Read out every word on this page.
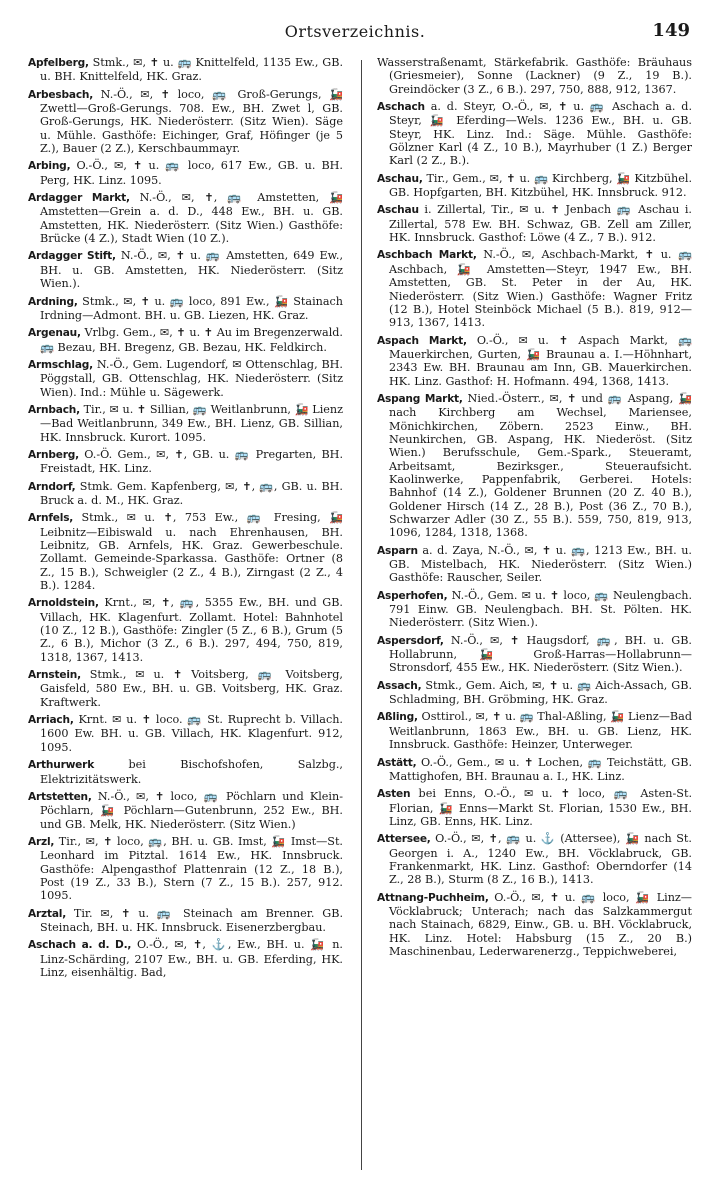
Ortsverzeichnis.	149

Apfelberg, Stmk., ✉, ✝ u. 🚌 Knittelfeld, 1135 Ew., GB. u. BH. Knittelfeld, HK. Graz.

Arbesbach, N.-Ö., ✉, ✝ loco, 🚌 Groß-Gerungs, 🚂 Zwettl—Groß-Gerungs. 708. Ew., BH. Zwet l, GB. Groß-Gerungs, HK. Niederösterr. (Sitz Wien). Säge u. Mühle. Gasthöfe: Eichinger, Graf, Höfinger (je 5 Z.), Bauer (2 Z.), Kerschbaummayr.

Arbing, O.-Ö., ✉, ✝ u. 🚌 loco, 617 Ew., GB. u. BH. Perg, HK. Linz. 1095.

Ardagger Markt, N.-Ö., ✉, ✝, 🚌 Amstetten, 🚂 Amstetten—Grein a. d. D., 448 Ew., BH. u. GB. Amstetten, HK. Niederösterr. (Sitz Wien.) Gasthöfe: Brücke (4 Z.), Stadt Wien (10 Z.).

Ardagger Stift, N.-Ö., ✉, ✝ u. 🚌 Amstetten, 649 Ew., BH. u. GB. Amstetten, HK. Niederösterr. (Sitz Wien.).

Ardning, Stmk., ✉, ✝ u. 🚌 loco, 891 Ew., 🚂 Stainach Irdning—Admont. BH. u. GB. Liezen, HK. Graz.

Argenau, Vrlbg. Gem., ✉, ✝ u. ✝ Au im Bregenzerwald. 🚌 Bezau, BH. Bregenz, GB. Bezau, HK. Feldkirch.

Armschlag, N.-Ö., Gem. Lugendorf, ✉ Ottenschlag, BH. Pöggstall, GB. Ottenschlag, HK. Niederösterr. (Sitz Wien). Ind.: Mühle u. Sägewerk.

Arnbach, Tir., ✉ u. ✝ Sillian, 🚌 Weitlanbrunn, 🚂 Lienz—Bad Weitlanbrunn, 349 Ew., BH. Lienz, GB. Sillian, HK. Innsbruck. Kurort. 1095.

Arnberg, O.-Ö. Gem., ✉, ✝, GB. u. 🚌 Pregarten, BH. Freistadt, HK. Linz.

Arndorf, Stmk. Gem. Kapfenberg, ✉, ✝, 🚌, GB. u. BH. Bruck a. d. M., HK. Graz.

Arnfels, Stmk., ✉ u. ✝, 753 Ew., 🚌 Fresing, 🚂 Leibnitz—Eibiswald u. nach Ehrenhausen, BH. Leibnitz, GB. Arnfels, HK. Graz. Gewerbeschule. Zollamt. Gemeinde-Sparkassa. Gasthöfe: Ortner (8 Z., 15 B.), Schweigler (2 Z., 4 B.), Zirngast (2 Z., 4 B.). 1284.

Arnoldstein, Krnt., ✉, ✝, 🚌, 5355 Ew., BH. und GB. Villach, HK. Klagenfurt. Zollamt. Hotel: Bahnhotel (10 Z., 12 B.), Gasthöfe: Zingler (5 Z., 6 B.), Grum (5 Z., 6 B.), Michor (3 Z., 6 B.). 297, 494, 750, 819, 1318, 1367, 1413.

Arnstein, Stmk., ✉ u. ✝ Voitsberg, 🚌 Voitsberg, Gaisfeld, 580 Ew., BH. u. GB. Voitsberg, HK. Graz. Kraftwerk.

Arriach, Krnt. ✉ u. ✝ loco. 🚌 St. Ruprecht b. Villach. 1600 Ew. BH. u. GB. Villach, HK. Klagenfurt. 912, 1095.

Arthurwerk bei Bischofshofen, Salzbg., Elektrizitätswerk.

Artstetten, N.-Ö., ✉, ✝ loco, 🚌 Pöchlarn und Klein-Pöchlarn, 🚂 Pöchlarn—Gutenbrunn, 252 Ew., BH. und GB. Melk, HK. Niederösterr. (Sitz Wien.)

Arzl, Tir., ✉, ✝ loco, 🚌, BH. u. GB. Imst, 🚂 Imst—St. Leonhard im Pitztal. 1614 Ew., HK. Innsbruck. Gasthöfe: Alpengasthof Plattenrain (12 Z., 18 B.), Post (19 Z., 33 B.), Stern (7 Z., 15 B.). 257, 912. 1095.

Arztal, Tir. ✉, ✝ u. 🚌 Steinach am Brenner. GB. Steinach, BH. u. HK. Innsbruck. Eisenerzbergbau.

Aschach a. d. D., O.-Ö., ✉, ✝, ⚓, Ew., BH. u. 🚂 n. Linz-Schärding, 2107 Ew., BH. u. GB. Eferding, HK. Linz, eisenhältig. Bad,

Wasserstraßenamt, Stärkefabrik. Gasthöfe: Bräuhaus (Griesmeier), Sonne (Lackner) (9 Z., 19 B.). Greindöcker (3 Z., 6 B.). 297, 750, 888, 912, 1367.

Aschach a. d. Steyr, O.-Ö., ✉, ✝ u. 🚌 Aschach a. d. Steyr, 🚂 Eferding—Wels. 1236 Ew., BH. u. GB. Steyr, HK. Linz. Ind.: Säge. Mühle. Gasthöfe: Gölzner Karl (4 Z., 10 B.), Mayrhuber (1 Z.) Berger Karl (2 Z., B.).

Aschau, Tir., Gem., ✉, ✝ u. 🚌 Kirchberg, 🚂 Kitzbühel. GB. Hopfgarten, BH. Kitzbühel, HK. Innsbruck. 912.

Aschau i. Zillertal, Tir., ✉ u. ✝ Jenbach 🚌 Aschau i. Zillertal, 578 Ew. BH. Schwaz, GB. Zell am Ziller, HK. Innsbruck. Gasthof: Löwe (4 Z., 7 B.). 912.

Aschbach Markt, N.-Ö., ✉, Aschbach-Markt, ✝ u. 🚌 Aschbach, 🚂 Amstetten—Steyr, 1947 Ew., BH. Amstetten, GB. St. Peter in der Au, HK. Niederösterr. (Sitz Wien.) Gasthöfe: Wagner Fritz (12 B.), Hotel Steinböck Michael (5 B.). 819, 912—913, 1367, 1413.

Aspach Markt, O.-Ö., ✉ u. ✝ Aspach Markt, 🚌 Mauerkirchen, Gurten, 🚂 Braunau a. I.—Höhnhart, 2343 Ew. BH. Braunau am Inn, GB. Mauerkirchen. HK. Linz. Gasthof: H. Hofmann. 494, 1368, 1413.

Aspang Markt, Nied.-Österr., ✉, ✝ und 🚌 Aspang, 🚂 nach Kirchberg am Wechsel, Mariensee, Mönichkirchen, Zöbern. 2523 Einw., BH. Neunkirchen, GB. Aspang, HK. Niederöst. (Sitz Wien.) Berufsschule, Gem.-Spark., Steueramt, Arbeitsamt, Bezirksger., Steueraufsicht. Kaolinwerke, Pappenfabrik, Gerberei. Hotels: Bahnhof (14 Z.), Goldener Brunnen (20 Z. 40 B.), Goldener Hirsch (14 Z., 28 B.), Post (36 Z., 70 B.), Schwarzer Adler (30 Z., 55 B.). 559, 750, 819, 913, 1096, 1284, 1318, 1368.

Asparn a. d. Zaya, N.-Ö., ✉, ✝ u. 🚌, 1213 Ew., BH. u. GB. Mistelbach, HK. Niederösterr. (Sitz Wien.) Gasthöfe: Rauscher, Seiler.

Asperhofen, N.-Ö., Gem. ✉ u. ✝ loco, 🚌 Neulengbach. 791 Einw. GB. Neulengbach. BH. St. Pölten. HK. Niederösterr. (Sitz Wien.).

Aspersdorf, N.-Ö., ✉, ✝ Haugsdorf, 🚌, BH. u. GB. Hollabrunn, 🚂 Groß-Harras—Hollabrunn—Stronsdorf, 455 Ew., HK. Niederösterr. (Sitz Wien.).

Assach, Stmk., Gem. Aich, ✉, ✝ u. 🚌 Aich-Assach, GB. Schladming, BH. Gröbming, HK. Graz.

Aßling, Osttirol., ✉, ✝ u. 🚌 Thal-Aßling, 🚂 Lienz—Bad Weitlanbrunn, 1863 Ew., BH. u. GB. Lienz, HK. Innsbruck. Gasthöfe: Heinzer, Unterweger.

Astätt, O.-Ö., Gem., ✉ u. ✝ Lochen, 🚌 Teichstätt, GB. Mattighofen, BH. Braunau a. I., HK. Linz.

Asten bei Enns, O.-Ö., ✉ u. ✝ loco, 🚌 Asten-St. Florian, 🚂 Enns—Markt St. Florian, 1530 Ew., BH. Linz, GB. Enns, HK. Linz.

Attersee, O.-Ö., ✉, ✝, 🚌 u. ⚓ (Attersee), 🚂 nach St. Georgen i. A., 1240 Ew., BH. Vöcklabruck, GB. Frankenmarkt, HK. Linz. Gasthof: Oberndorfer (14 Z., 28 B.), Sturm (8 Z., 16 B.), 1413.

Attnang-Puchheim, O.-Ö., ✉, ✝ u. 🚌 loco, 🚂 Linz—Vöcklabruck; Unterach; nach das Salzkammergut nach Stainach, 6829, Einw., GB. u. BH. Vöcklabruck, HK. Linz. Hotel: Habsburg (15 Z., 20 B.) Maschinenbau, Lederwarenerzg., Teppichweberei,
